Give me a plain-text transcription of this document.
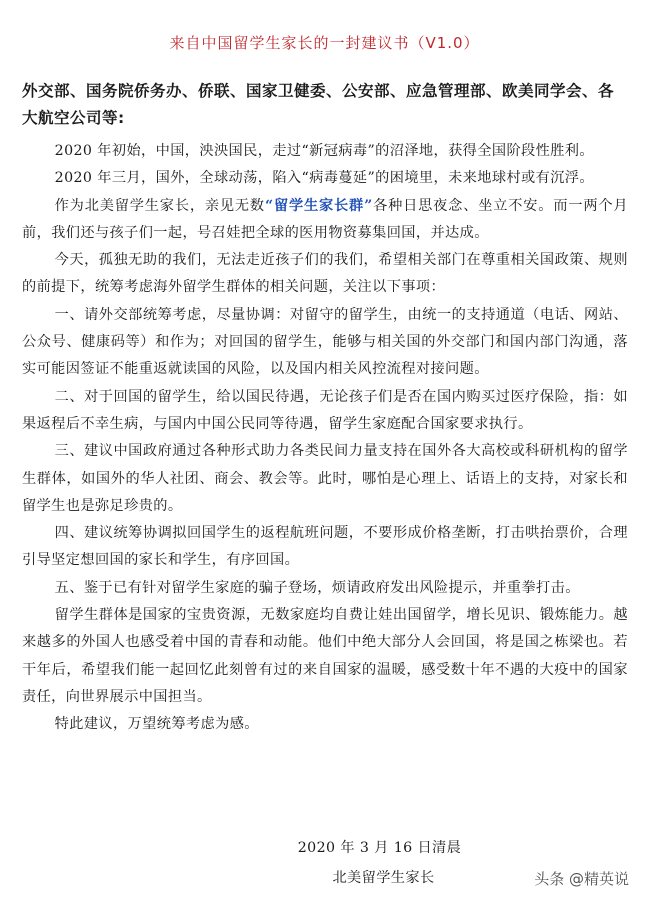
来自中国留学生家长的一封建议书（V1.0）
外交部、国务院侨务办、侨联、国家卫健委、公安部、应急管理部、欧美同学会、各大航空公司等:

2020 年初始，中国，泱泱国民，走过“新冠病毒”的沼泽地，获得全国阶段性胜利。

2020 年三月，国外，全球动荡，陷入“病毒蔓延”的困境里，未来地球村或有沉浮。

作为北美留学生家长，亲见无数“留学生家长群”各种日思夜念、坐立不安。而一两个月前，我们还与孩子们一起，号召娃把全球的医用物资募集回国，并达成。

今天，孤独无助的我们，无法走近孩子们的我们，希望相关部门在尊重相关国政策、规则的前提下，统筹考虑海外留学生群体的相关问题，关注以下事项：

一、请外交部统筹考虑，尽量协调：对留守的留学生，由统一的支持通道（电话、网站、公众号、健康码等）和作为；对回国的留学生，能够与相关国的外交部门和国内部门沟通，落实可能因签证不能重返就读国的风险，以及国内相关风控流程对接问题。

二、对于回国的留学生，给以国民待遇，无论孩子们是否在国内购买过医疗保险，指：如果返程后不幸生病，与国内中国公民同等待遇，留学生家庭配合国家要求执行。

三、建议中国政府通过各种形式助力各类民间力量支持在国外各大高校或科研机构的留学生群体，如国外的华人社团、商会、教会等。此时，哪怕是心理上、话语上的支持，对家长和留学生也是弥足珍贵的。

四、建议统筹协调拟回国学生的返程航班问题，不要形成价格垄断，打击哄抬票价，合理引导坚定想回国的家长和学生，有序回国。

五、鉴于已有针对留学生家庭的骗子登场，烦请政府发出风险提示，并重拳打击。

留学生群体是国家的宝贵资源，无数家庭均自费让娃出国留学，增长见识、锻炼能力。越来越多的外国人也感受着中国的青春和动能。他们中绝大部分人会回国，将是国之栋梁也。若干年后，希望我们能一起回忆此刻曾有过的来自国家的温暖，感受数十年不遇的大疫中的国家责任，向世界展示中国担当。

特此建议，万望统筹考虑为感。

2020 年 3 月 16 日清晨
北美留学生家长	头条 @精英说
